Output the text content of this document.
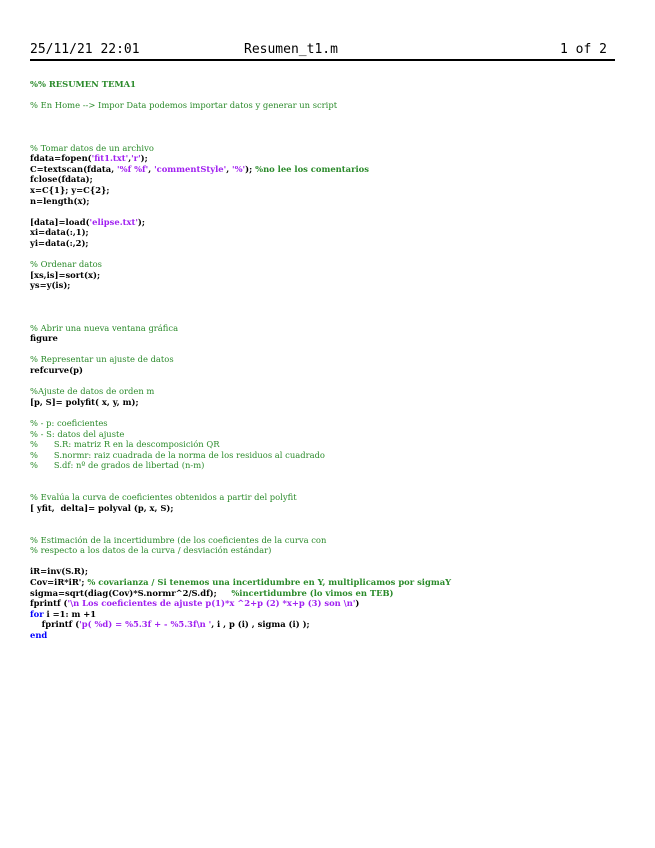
25/11/21 22:01	Resumen_t1.m	1 of 2
%% RESUMEN TEMA1
% En Home --> Impor Data podemos importar datos y generar un script
% Tomar datos de un archivo
fdata=fopen('fit1.txt','r');
C=textscan(fdata, '%f %f', 'commentStyle', '%'); %no lee los comentarios
fclose(fdata);
x=C{1}; y=C{2};
n=length(x);
[data]=load('elipse.txt');
xi=data(:,1);
yi=data(:,2);
% Ordenar datos
[xs,is]=sort(x);
ys=y(is);
% Abrir una nueva ventana gráfica
figure
% Representar un ajuste de datos
refcurve(p)
%Ajuste de datos de orden m
[p, S]= polyfit( x, y, m);
% - p: coeficientes
% - S: datos del ajuste
%      S.R: matriz R en la descomposición QR
%      S.normr: raiz cuadrada de la norma de los residuos al cuadrado
%      S.df: nº de grados de libertad (n-m)
% Evalúa la curva de coeficientes obtenidos a partir del polyfit
[ yfit,  delta]= polyval (p, x, S);
% Estimación de la incertidumbre (de los coeficientes de la curva con
% respecto a los datos de la curva / desviación estándar)
iR=inv(S.R);
Cov=iR*iR'; % covarianza / Si tenemos una incertidumbre en Y, multiplicamos por sigmaY
sigma=sqrt(diag(Cov)*S.normr^2/S.df);     %incertidumbre (lo vimos en TEB)
fprintf ('\n Los coeficientes de ajuste p(1)*x ^2+p (2) *x+p (3) son \n')
for i =1: m +1
fprintf ('p( %d) = %5.3f + - %5.3f\n ', i , p (i) , sigma (i) );
end
